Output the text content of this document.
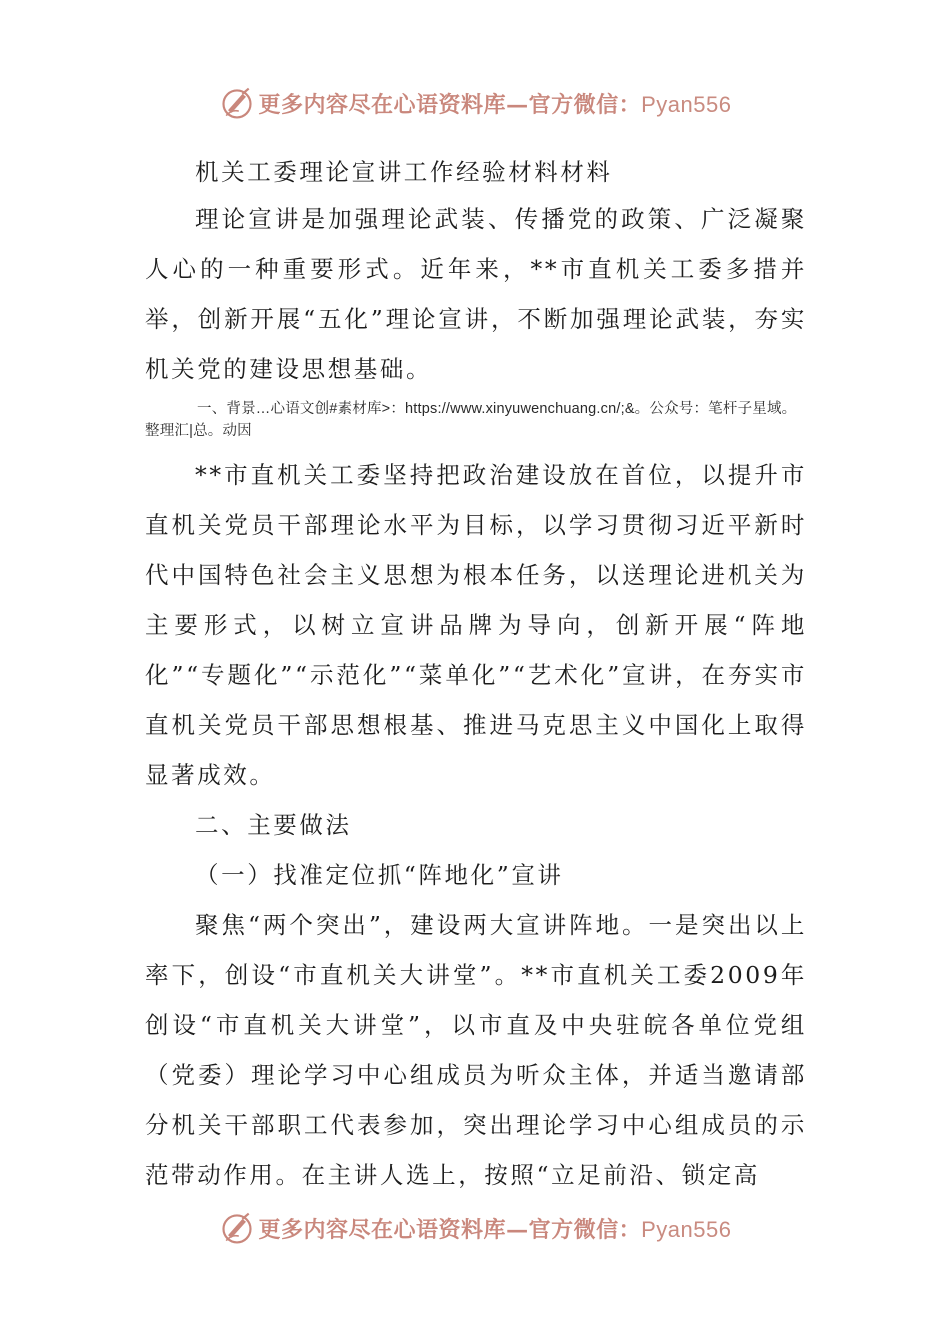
更多内容尽在心语资料库—官方微信：Pyan556

机关工委理论宣讲工作经验材料材料

理论宣讲是加强理论武装、传播党的政策、广泛凝聚人心的一种重要形式。近年来，**市直机关工委多措并举，创新开展“五化”理论宣讲，不断加强理论武装，夯实机关党的建设思想基础。

一、背景…心语文创#素材库>：https://www.xinyuwenchuang.cn/;&。公众号：笔杆子星域。整理汇|总。动因

**市直机关工委坚持把政治建设放在首位，以提升市直机关党员干部理论水平为目标，以学习贯彻习近平新时代中国特色社会主义思想为根本任务，以送理论进机关为主要形式，以树立宣讲品牌为导向，创新开展“阵地化”“专题化”“示范化”“菜单化”“艺术化”宣讲，在夯实市直机关党员干部思想根基、推进马克思主义中国化上取得显著成效。

二、主要做法

（一）找准定位抓“阵地化”宣讲

聚焦“两个突出”，建设两大宣讲阵地。一是突出以上率下，创设“市直机关大讲堂”。**市直机关工委2009年创设“市直机关大讲堂”，以市直及中央驻皖各单位党组（党委）理论学习中心组成员为听众主体，并适当邀请部分机关干部职工代表参加，突出理论学习中心组成员的示范带动作用。在主讲人选上，按照“立足前沿、锁定高

更多内容尽在心语资料库—官方微信：Pyan556
